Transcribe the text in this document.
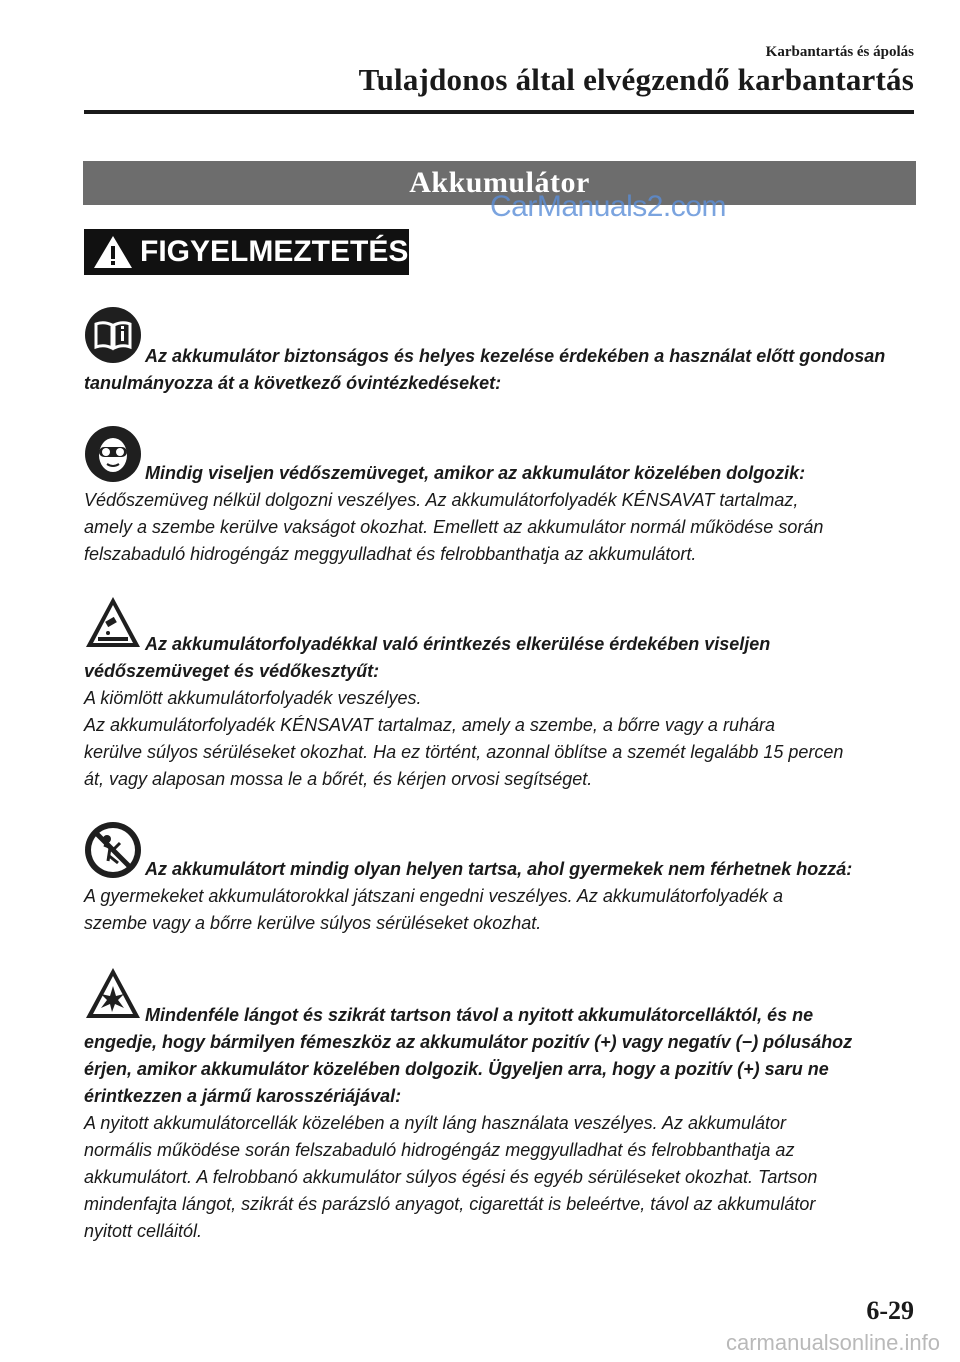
Karbantartás és ápolás
Tulajdonos által elvégzendő karbantartás
Akkumulátor
CarManuals2.com
FIGYELMEZTETÉS
Az akkumulátor biztonságos és helyes kezelése érdekében a használat előtt gondosan
tanulmányozza át a következő óvintézkedéseket:
Mindig viseljen védőszemüveget, amikor az akkumulátor közelében dolgozik:
Védőszemüveg nélkül dolgozni veszélyes. Az akkumulátorfolyadék KÉNSAVAT tartalmaz,
amely a szembe kerülve vakságot okozhat. Emellett az akkumulátor normál működése során
felszabaduló hidrogéngáz meggyulladhat és felrobbanthatja az akkumulátort.
Az akkumulátorfolyadékkal való érintkezés elkerülése érdekében viseljen
védőszemüveget és védőkesztyűt:
A kiömlött akkumulátorfolyadék veszélyes.
Az akkumulátorfolyadék KÉNSAVAT tartalmaz, amely a szembe, a bőrre vagy a ruhára
kerülve súlyos sérüléseket okozhat. Ha ez történt, azonnal öblítse a szemét legalább 15 percen
át, vagy alaposan mossa le a bőrét, és kérjen orvosi segítséget.
Az akkumulátort mindig olyan helyen tartsa, ahol gyermekek nem férhetnek hozzá:
A gyermekeket akkumulátorokkal játszani engedni veszélyes. Az akkumulátorfolyadék a
szembe vagy a bőrre kerülve súlyos sérüléseket okozhat.
Mindenféle lángot és szikrát tartson távol a nyitott akkumulátorcelláktól, és ne
engedje, hogy bármilyen fémeszköz az akkumulátor pozitív (+) vagy negatív (−) pólusához
érjen, amikor akkumulátor közelében dolgozik. Ügyeljen arra, hogy a pozitív (+) saru ne
érintkezzen a jármű karosszériájával:
A nyitott akkumulátorcellák közelében a nyílt láng használata veszélyes. Az akkumulátor
normális működése során felszabaduló hidrogéngáz meggyulladhat és felrobbanthatja az
akkumulátort. A felrobbanó akkumulátor súlyos égési és egyéb sérüléseket okozhat. Tartson
mindenfajta lángot, szikrát és parázsló anyagot, cigarettát is beleértve, távol az akkumulátor
nyitott celláitól.
6-29
carmanualsonline.info
